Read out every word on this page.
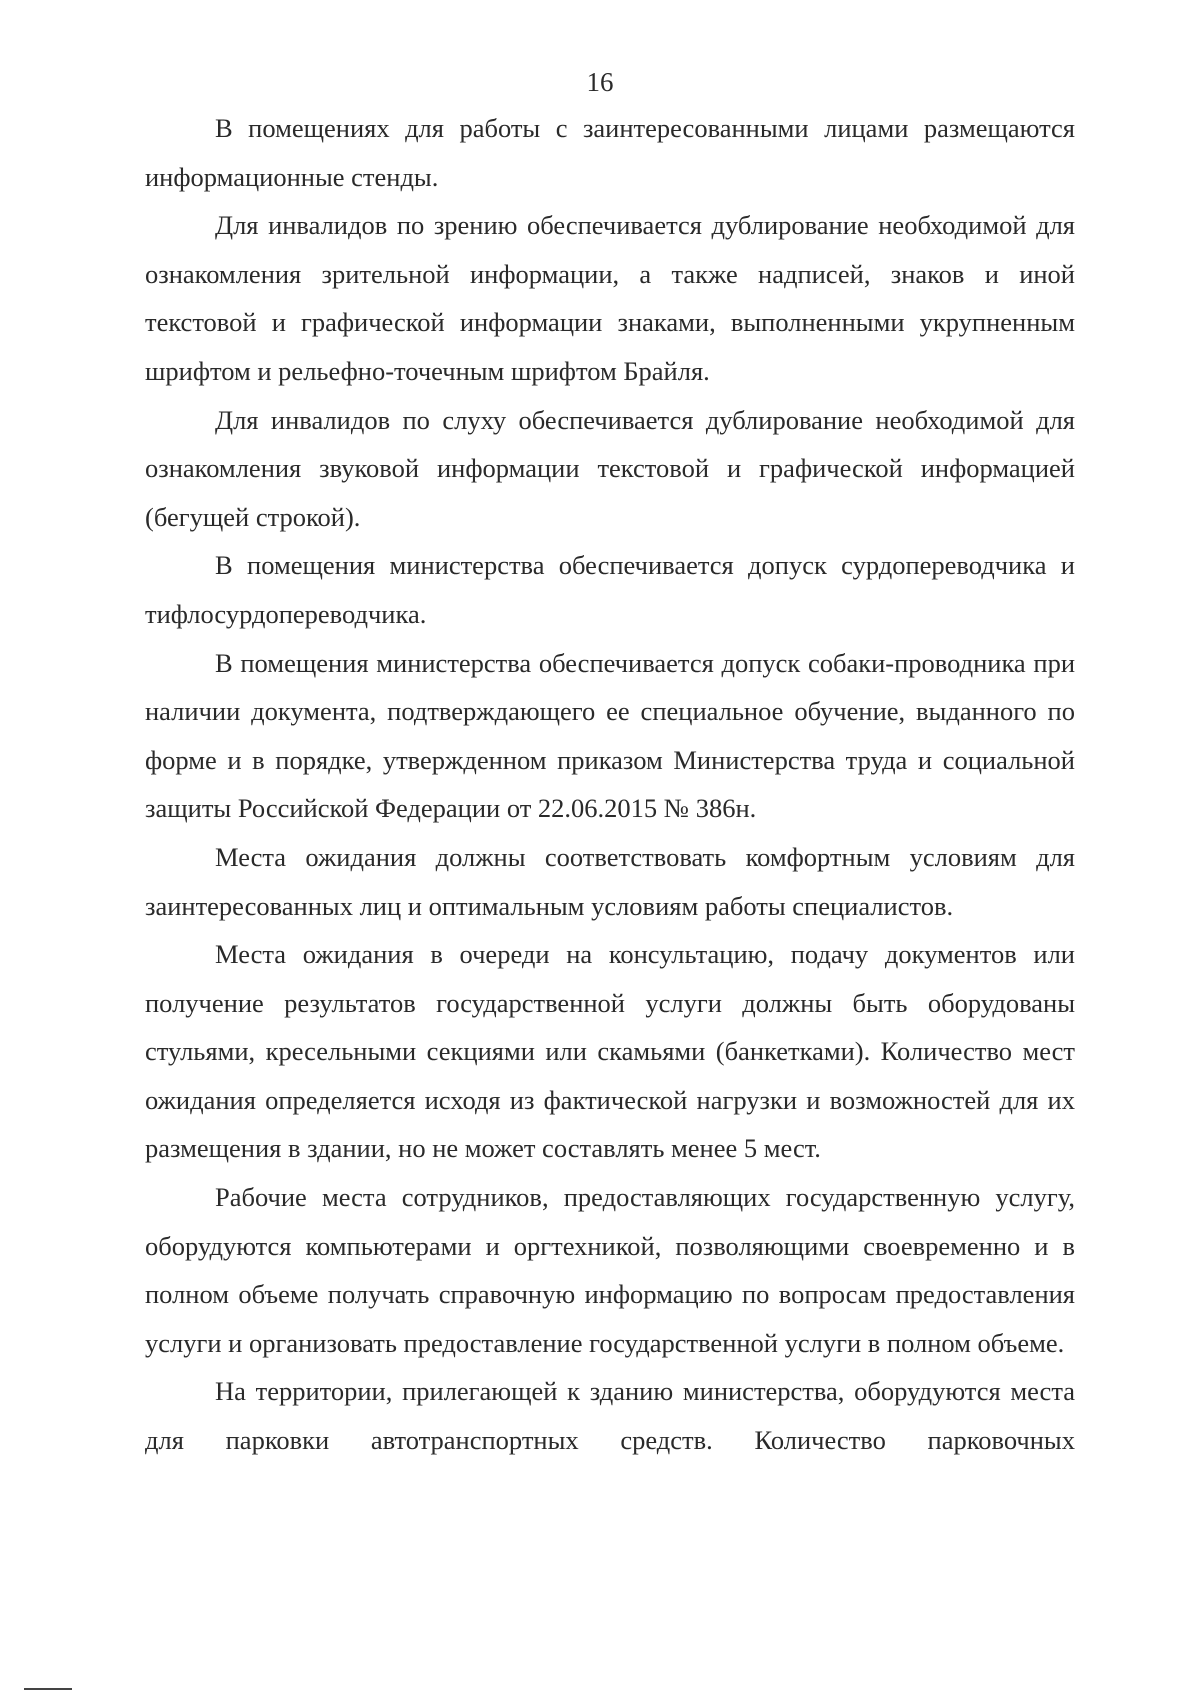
16

В помещениях для работы с заинтересованными лицами размещаются информационные стенды.

Для инвалидов по зрению обеспечивается дублирование необходимой для ознакомления зрительной информации, а также надписей, знаков и иной текстовой и графической информации знаками, выполненными укрупненным шрифтом и рельефно-точечным шрифтом Брайля.

Для инвалидов по слуху обеспечивается дублирование необходимой для ознакомления звуковой информации текстовой и графической информацией (бегущей строкой).

В помещения министерства обеспечивается допуск сурдопереводчика и тифлосурдопереводчика.

В помещения министерства обеспечивается допуск собаки-проводника при наличии документа, подтверждающего ее специальное обучение, выданного по форме и в порядке, утвержденном приказом Министерства труда и социальной защиты Российской Федерации от 22.06.2015 № 386н.

Места ожидания должны соответствовать комфортным условиям для заинтересованных лиц и оптимальным условиям работы специалистов.

Места ожидания в очереди на консультацию, подачу документов или получение результатов государственной услуги должны быть оборудованы стульями, кресельными секциями или скамьями (банкетками). Количество мест ожидания определяется исходя из фактической нагрузки и возможностей для их размещения в здании, но не может составлять менее 5 мест.

Рабочие места сотрудников, предоставляющих государственную услугу, оборудуются компьютерами и оргтехникой, позволяющими своевременно и в полном объеме получать справочную информацию по вопросам предоставления услуги и организовать предоставление государственной услуги в полном объеме.

На территории, прилегающей к зданию министерства, оборудуются места для парковки автотранспортных средств. Количество парковочных
